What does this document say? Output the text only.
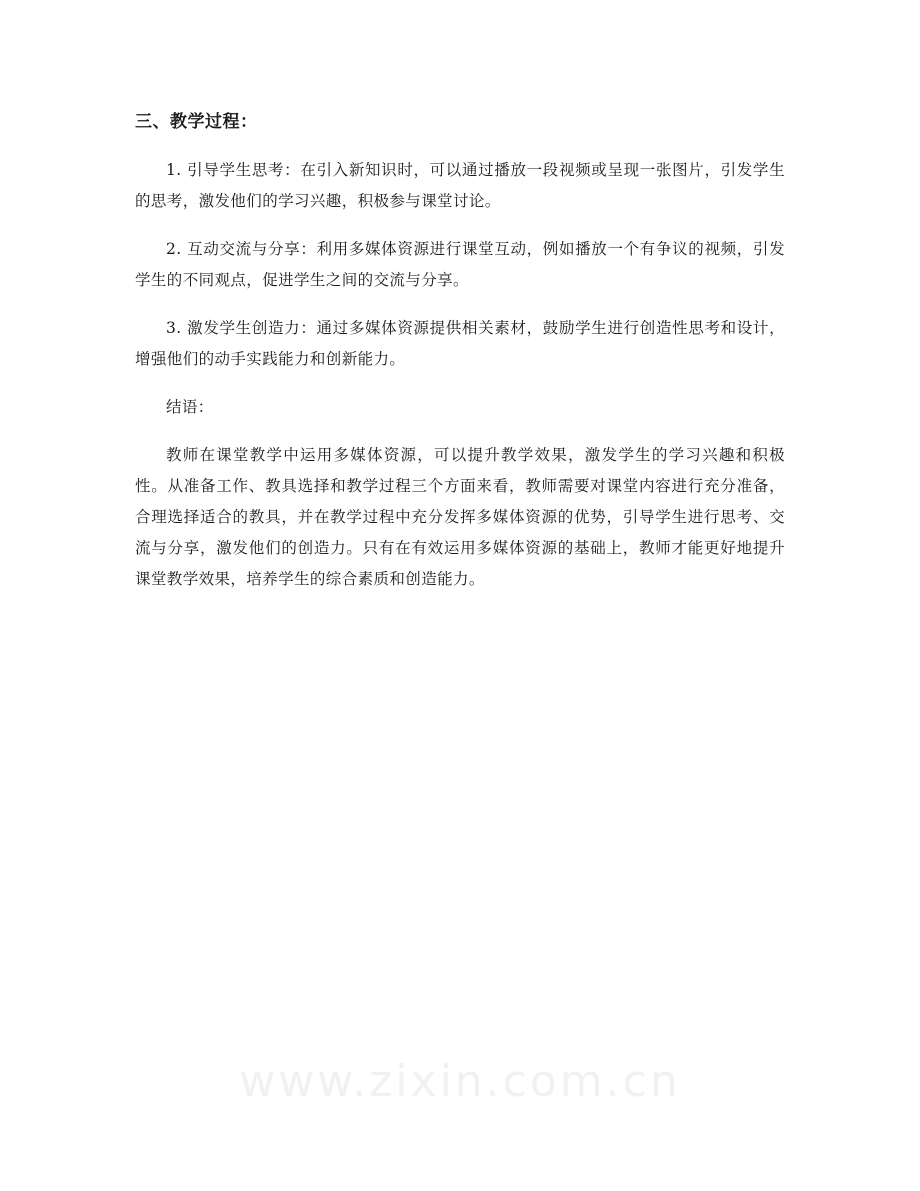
三、教学过程：

1. 引导学生思考：在引入新知识时，可以通过播放一段视频或呈现一张图片，引发学生的思考，激发他们的学习兴趣，积极参与课堂讨论。

2. 互动交流与分享：利用多媒体资源进行课堂互动，例如播放一个有争议的视频，引发学生的不同观点，促进学生之间的交流与分享。

3. 激发学生创造力：通过多媒体资源提供相关素材，鼓励学生进行创造性思考和设计，增强他们的动手实践能力和创新能力。

结语：

教师在课堂教学中运用多媒体资源，可以提升教学效果，激发学生的学习兴趣和积极性。从准备工作、教具选择和教学过程三个方面来看，教师需要对课堂内容进行充分准备，合理选择适合的教具，并在教学过程中充分发挥多媒体资源的优势，引导学生进行思考、交流与分享，激发他们的创造力。只有在有效运用多媒体资源的基础上，教师才能更好地提升课堂教学效果，培养学生的综合素质和创造能力。

www.zixin.com.cn
